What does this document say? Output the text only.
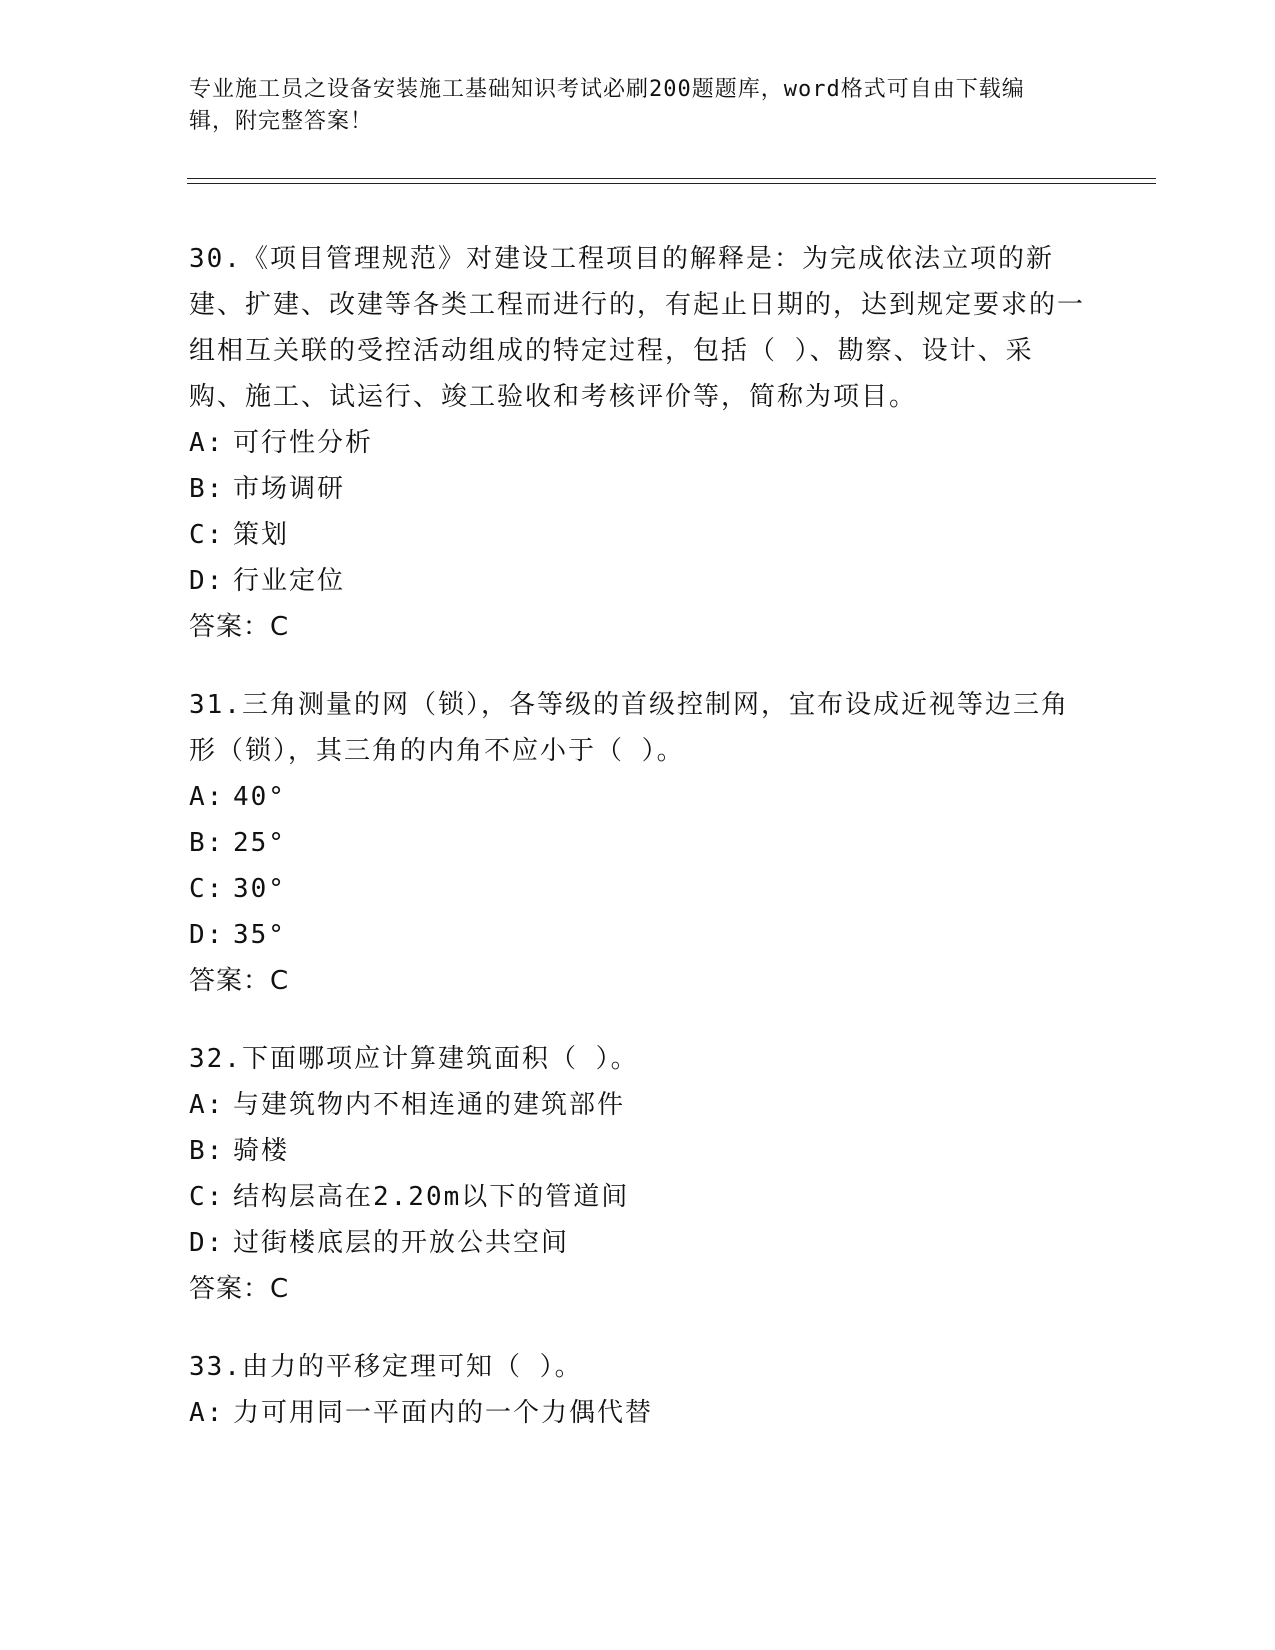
专业施工员之设备安装施工基础知识考试必刷200题题库，word格式可自由下载编辑，附完整答案！

30.《项目管理规范》对建设工程项目的解释是：为完成依法立项的新建、扩建、改建等各类工程而进行的，有起止日期的，达到规定要求的一组相互关联的受控活动组成的特定过程，包括（ ）、勘察、设计、采购、施工、试运行、竣工验收和考核评价等，简称为项目。

A: 可行性分析

B: 市场调研

C: 策划

D: 行业定位

答案：C

31.三角测量的网（锁），各等级的首级控制网，宜布设成近视等边三角形（锁），其三角的内角不应小于（ ）。

A: 40°

B: 25°

C: 30°

D: 35°

答案：C

32.下面哪项应计算建筑面积（ ）。

A: 与建筑物内不相连通的建筑部件

B: 骑楼

C: 结构层高在2.20m以下的管道间

D: 过街楼底层的开放公共空间

答案：C

33.由力的平移定理可知（ ）。

A: 力可用同一平面内的一个力偶代替
